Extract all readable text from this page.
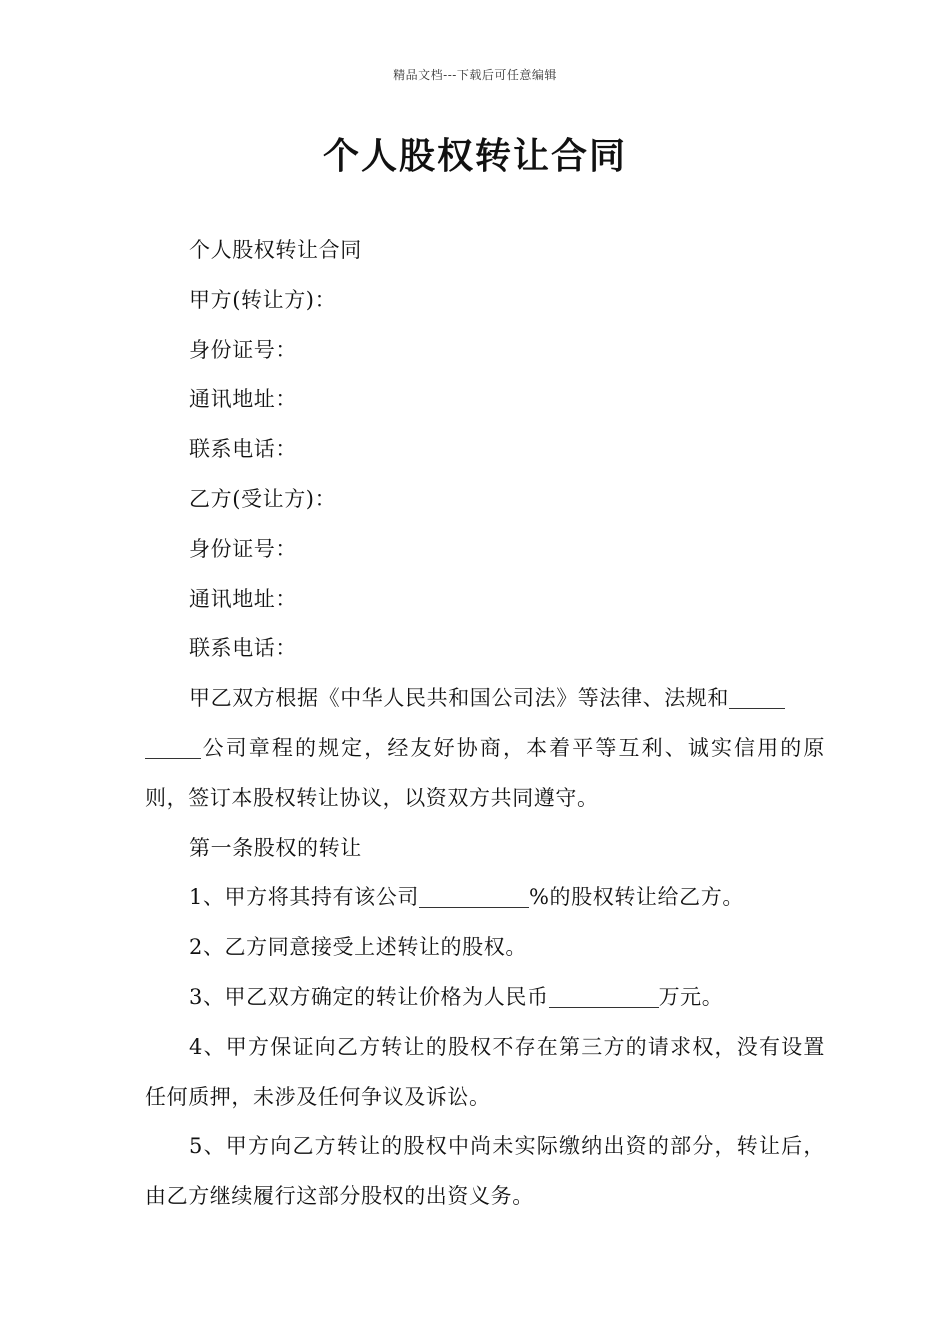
精品文档---下载后可任意编辑
个人股权转让合同

个人股权转让合同

甲方(转让方)：

身份证号：

通讯地址：

联系电话：

乙方(受让方)：

身份证号：

通讯地址：

联系电话：

甲乙双方根据《中华人民共和国公司法》等法律、法规和
公司章程的规定，经友好协商，本着平等互利、诚实信用的原则，签订本股权转让协议，以资双方共同遵守。

第一条股权的转让

1、甲方将其持有该公司	%的股权转让给乙方。

2、乙方同意接受上述转让的股权。

3、甲乙双方确定的转让价格为人民币	万元。

4、甲方保证向乙方转让的股权不存在第三方的请求权，没有设置任何质押，未涉及任何争议及诉讼。

5、甲方向乙方转让的股权中尚未实际缴纳出资的部分，转让后，由乙方继续履行这部分股权的出资义务。
